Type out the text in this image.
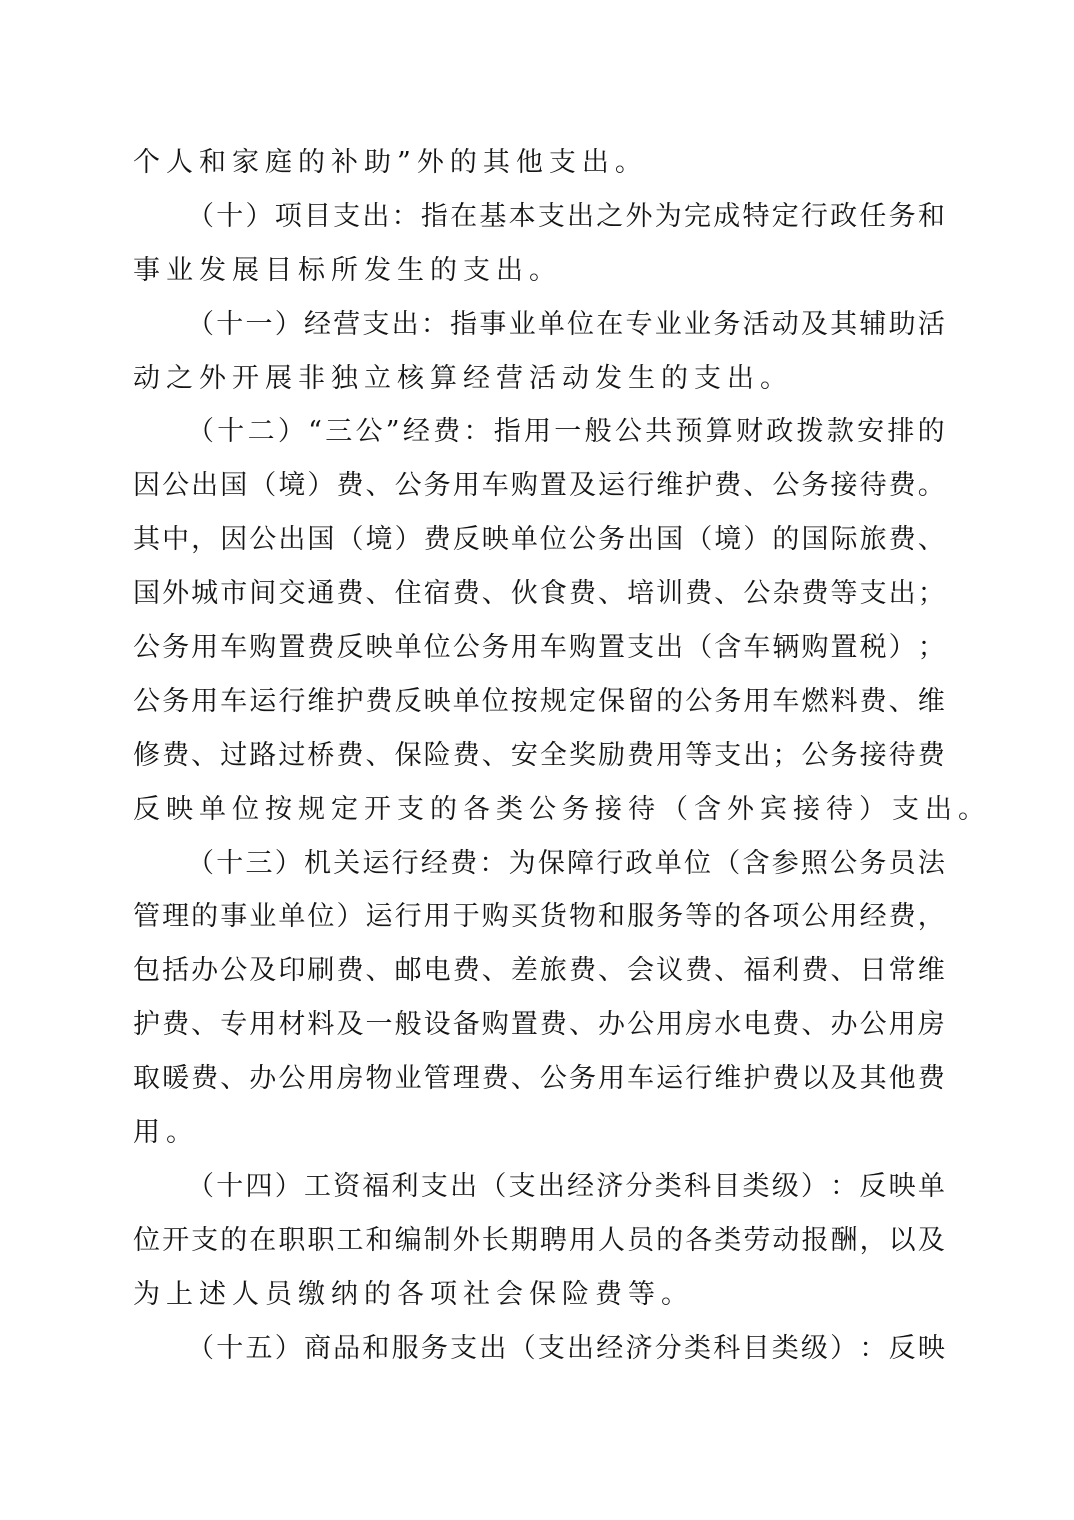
个 人 和 家 庭 的 补 助 ” 外 的 其 他 支 出 。
（ 十 ） 项 目 支 出 ： 指 在 基 本 支 出 之 外 为 完 成 特 定 行 政 任 务 和
事 业 发 展 目 标 所 发 生 的 支 出 。
（ 十 一 ） 经 营 支 出 ： 指 事 业 单 位 在 专 业 业 务 活 动 及 其 辅 助 活
动 之 外 开 展 非 独 立 核 算 经 营 活 动 发 生 的 支 出 。
（ 十 二 ） “ 三 公 ” 经 费 ： 指 用 一 般 公 共 预 算 财 政 拨 款 安 排 的
因 公 出 国 （ 境 ） 费 、 公 务 用 车 购 置 及 运 行 维 护 费 、 公 务 接 待 费 。
其 中 ， 因 公 出 国 （ 境 ） 费 反 映 单 位 公 务 出 国 （ 境 ） 的 国 际 旅 费 、
国 外 城 市 间 交 通 费 、 住 宿 费 、 伙 食 费 、 培 训 费 、 公 杂 费 等 支 出 ；
公 务 用 车 购 置 费 反 映 单 位 公 务 用 车 购 置 支 出 （ 含 车 辆 购 置 税 ） ；
公 务 用 车 运 行 维 护 费 反 映 单 位 按 规 定 保 留 的 公 务 用 车 燃 料 费 、 维
修 费 、 过 路 过 桥 费 、 保 险 费 、 安 全 奖 励 费 用 等 支 出 ； 公 务 接 待 费
反 映 单 位 按 规 定 开 支 的 各 类 公 务 接 待 （ 含 外 宾 接 待 ） 支 出 。
（ 十 三 ） 机 关 运 行 经 费 ： 为 保 障 行 政 单 位 （ 含 参 照 公 务 员 法
管 理 的 事 业 单 位 ） 运 行 用 于 购 买 货 物 和 服 务 等 的 各 项 公 用 经 费 ，
包 括 办 公 及 印 刷 费 、 邮 电 费 、 差 旅 费 、 会 议 费 、 福 利 费 、 日 常 维
护 费 、 专 用 材 料 及 一 般 设 备 购 置 费 、 办 公 用 房 水 电 费 、 办 公 用 房
取 暖 费 、 办 公 用 房 物 业 管 理 费 、 公 务 用 车 运 行 维 护 费 以 及 其 他 费
用 。
（ 十 四 ） 工 资 福 利 支 出 （ 支 出 经 济 分 类 科 目 类 级 ） ： 反 映 单
位 开 支 的 在 职 职 工 和 编 制 外 长 期 聘 用 人 员 的 各 类 劳 动 报 酬 ， 以 及
为 上 述 人 员 缴 纳 的 各 项 社 会 保 险 费 等 。
（ 十 五 ） 商 品 和 服 务 支 出 （ 支 出 经 济 分 类 科 目 类 级 ） ： 反 映
